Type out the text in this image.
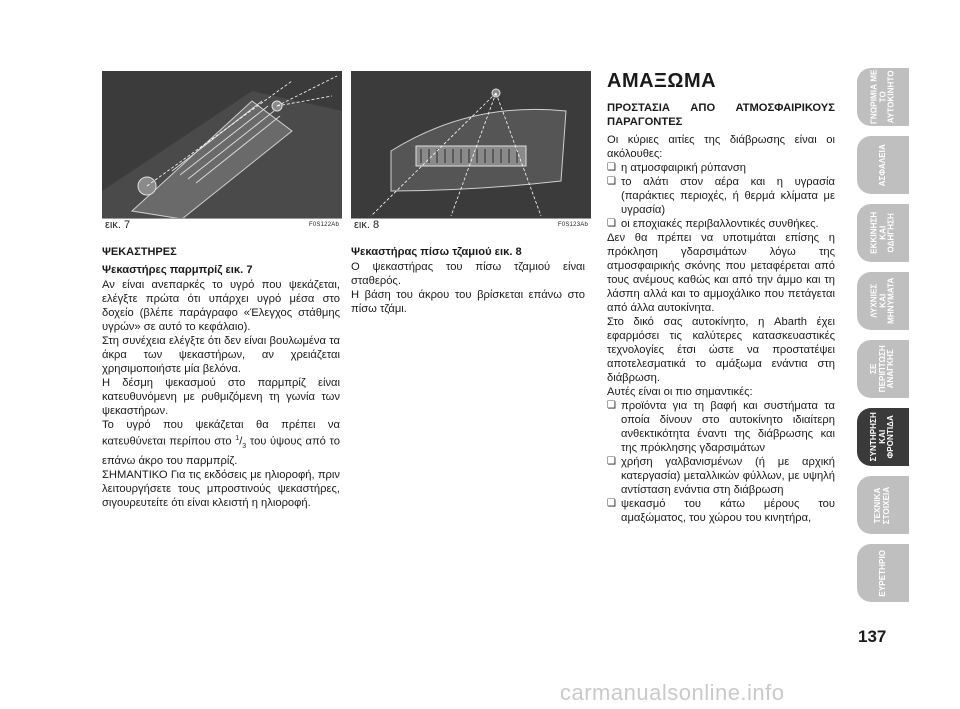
εικ. 7	F0S122Ab εικ. 8	F0S123Ab
ΨΕΚΑΣΤΗΡΕΣ

Ψεκαστήρες παρμπρίζ εικ. 7

Αν είναι ανεπαρκές το υγρό που ψεκάζεται, ελέγξτε πρώτα ότι υπάρχει υγρό μέσα στο δοχείο (βλέπε παράγραφο «Έλεγχος στάθμης υγρών» σε αυτό το κεφάλαιο).

Στη συνέχεια ελέγξτε ότι δεν είναι βουλωμένα τα άκρα των ψεκαστήρων, αν χρειάζεται χρησιμοποιήστε μία βελόνα.

Η δέσμη ψεκασμού στο παρμπρίζ είναι κατευθυνόμενη με ρυθμιζόμενη τη γωνία των ψεκαστήρων.

Το υγρό που ψεκάζεται θα πρέπει να κατευθύνεται περίπου στο $^1/_3$ του ύψους από το επάνω άκρο του παρμπρίζ.

ΣΗΜΑΝΤΙΚΟ Για τις εκδόσεις με ηλιοροφή, πριν λειτουργήσετε τους μπροστινούς ψεκαστήρες, σιγουρευτείτε ότι είναι κλειστή η ηλιοροφή.

Ψεκαστήρας πίσω τζαμιού εικ. 8

Ο ψεκαστήρας του πίσω τζαμιού είναι σταθερός.

Η βάση του άκρου του βρίσκεται επάνω στο πίσω τζάμι.

ΑΜΑΞΩΜΑ

ΠΡΟΣΤΑΣΙΑ ΑΠΟ ΑΤΜΟΣΦΑΙΡΙΚΟΥΣ ΠΑΡΑΓΟΝΤΕΣ

Οι κύριες αιτίες της διάβρωσης είναι οι ακόλουθες:

❏ η ατμοσφαιρική ρύπανση
❏ το αλάτι στον αέρα και η υγρασία (παράκτιες περιοχές, ή θερμά κλίματα με υγρασία)
❏ οι εποχιακές περιβαλλοντικές συνθήκες.

Δεν θα πρέπει να υποτιμάται επίσης η πρόκληση γδαρσιμάτων λόγω της ατμοσφαιρικής σκόνης που μεταφέρεται από τους ανέμους καθώς και από την άμμο και τη λάσπη αλλά και το αμμοχάλικο που πετάγεται από άλλα αυτοκίνητα.

Στο δικό σας αυτοκίνητο, η Abarth έχει εφαρμόσει τις καλύτερες κατασκευαστικές τεχνολογίες έτσι ώστε να προστατέψει αποτελεσματικά το αμάξωμα ενάντια στη διάβρωση.

Αυτές είναι οι πιο σημαντικές:

❏ προϊόντα για τη βαφή και συστήματα τα οποία δίνουν στο αυτοκίνητο ιδιαίτερη ανθεκτικότητα έναντι της διάβρωσης και της πρόκλησης γδαρσιμάτων
❏ χρήση γαλβανισμένων (ή με αρχική κατεργασία) μεταλλικών φύλλων, με υψηλή αντίσταση ενάντια στη διάβρωση
❏ ψεκασμό του κάτω μέρους του αμαξώματος, του χώρου του κινητήρα,
ΓΝΩΡΙΜΙΑ ΜΕ
ΤΟ
ΑΥΤΟΚΙΝΗΤΟ
ΑΣΦΑΛΕΙΑ
ΕΚΚΙΝΗΣΗ
ΚΑΙ
ΟΔΗΓΗΣΗ
ΛΥΧΝΙΕΣ
ΚΑΙ
ΜΗΝΥΜΑΤΑ
ΣΕ
ΠΕΡΙΠΤΩΣΗ
ΑΝΑΓΚΗΣ
ΣΥΝΤΗΡΗΣΗ
ΚΑΙ
ΦΡΟΝΤΙΔΑ
ΤΕΧΝΙΚΑ
ΣΤΟΙΧΕΙΑ
ΕΥΡΕΤΗΡΙΟ
137
carmanualsonline.info
